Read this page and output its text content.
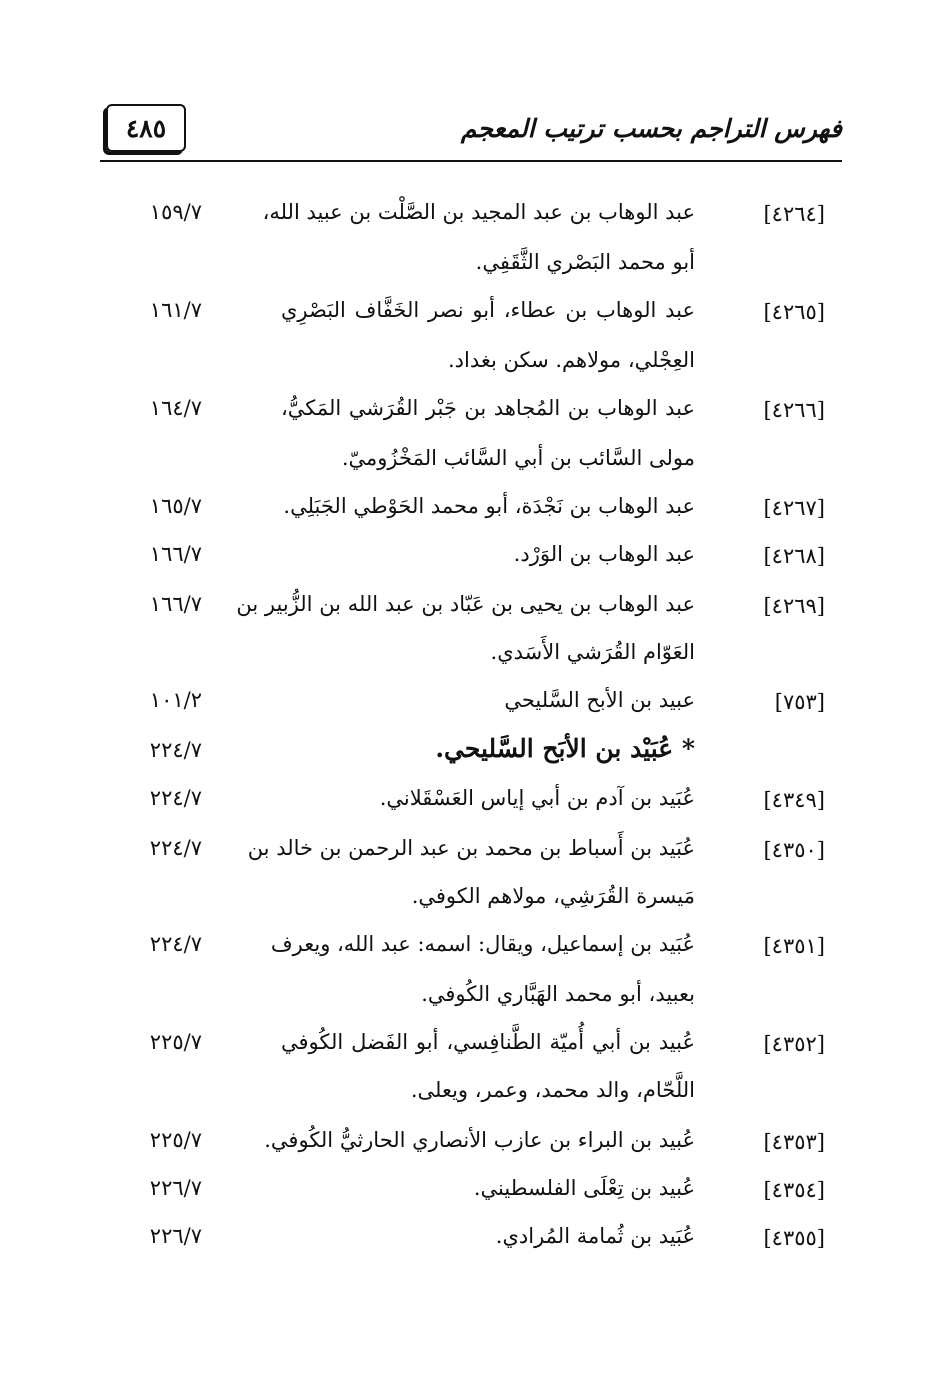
٤٨٥	فهرس التراجم بحسب ترتيب المعجم
[٤٢٦٤]
عبد الوهاب بن عبد المجيد بن الصَّلْت بن عبيد الله،
١٥٩/٧
أبو محمد البَصْري الثَّقَفِي.
[٤٢٦٥]
عبد الوهاب بن عطاء، أبو نصر الخَفَّاف البَصْرِي
١٦١/٧
العِجْلي، مولاهم. سكن بغداد.
[٤٢٦٦]
عبد الوهاب بن المُجاهد بن جَبْر القُرَشي المَكيُّ،
١٦٤/٧
مولى السَّائب بن أبي السَّائب المَخْزُوميّ.
[٤٢٦٧]
عبد الوهاب بن نَجْدَة، أبو محمد الحَوْطي الجَبَلِي.
١٦٥/٧
[٤٢٦٨]
عبد الوهاب بن الوَرْد.
١٦٦/٧
[٤٢٦٩]
عبد الوهاب بن يحيى بن عَبّاد بن عبد الله بن الزُّبير بن
١٦٦/٧
العَوّام القُرَشي الأَسَدي.
[٧٥٣]
عبيد بن الأبح السَّليحي
١٠١/٢
* عُبَيْد بن الأبَح السَّليحي.
٢٢٤/٧
[٤٣٤٩]
عُبَيد بن آدم بن أبي إياس العَسْقَلاني.
٢٢٤/٧
[٤٣٥٠]
عُبَيد بن أَسباط بن محمد بن عبد الرحمن بن خالد بن
٢٢٤/٧
مَيسرة القُرَشِي، مولاهم الكوفي.
[٤٣٥١]
عُبَيد بن إسماعيل، ويقال: اسمه: عبد الله، ويعرف
٢٢٤/٧
بعبيد، أبو محمد الهَبَّاري الكُوفي.
[٤٣٥٢]
عُبيد بن أبي أُميّة الطَّنافِسي، أبو الفَضل الكُوفي
٢٢٥/٧
اللَّحّام، والد محمد، وعمر، ويعلى.
[٤٣٥٣]
عُبيد بن البراء بن عازب الأنصاري الحارثيُّ الكُوفي.
٢٢٥/٧
[٤٣٥٤]
عُبيد بن تِعْلَى الفلسطيني.
٢٢٦/٧
[٤٣٥٥]
عُبَيد بن ثُمامة المُرادي.
٢٢٦/٧
